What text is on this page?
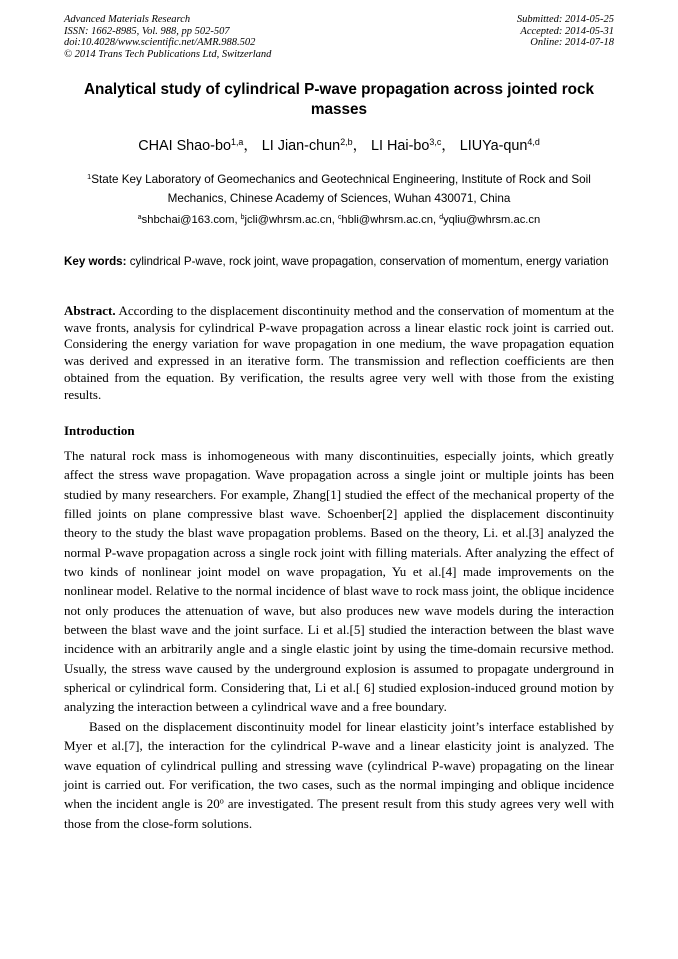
Advanced Materials Research
ISSN: 1662-8985, Vol. 988, pp 502-507
doi:10.4028/www.scientific.net/AMR.988.502
© 2014 Trans Tech Publications Ltd, Switzerland
Submitted: 2014-05-25
Accepted: 2014-05-31
Online: 2014-07-18
Analytical study of cylindrical P-wave propagation across jointed rock masses
CHAI Shao-bo$^{1,a}$， LI Jian-chun$^{2,b}$， LI Hai-bo$^{3,c}$， LIUYa-qun$^{4,d}$
$^1$State Key Laboratory of Geomechanics and Geotechnical Engineering, Institute of Rock and Soil Mechanics, Chinese Academy of Sciences, Wuhan 430071, China
$^a$shbchai@163.com, $^b$jcli@whrsm.ac.cn, $^c$hbli@whrsm.ac.cn, $^d$yqliu@whrsm.ac.cn
Key words: cylindrical P-wave, rock joint, wave propagation, conservation of momentum, energy variation
Abstract. According to the displacement discontinuity method and the conservation of momentum at the wave fronts, analysis for cylindrical P-wave propagation across a linear elastic rock joint is carried out. Considering the energy variation for wave propagation in one medium, the wave propagation equation was derived and expressed in an iterative form. The transmission and reflection coefficients are then obtained from the equation. By verification, the results agree very well with those from the existing results.
Introduction

The natural rock mass is inhomogeneous with many discontinuities, especially joints, which greatly affect the stress wave propagation. Wave propagation across a single joint or multiple joints has been studied by many researchers. For example, Zhang[1] studied the effect of the mechanical property of the filled joints on plane compressive blast wave. Schoenber[2] applied the displacement discontinuity theory to the study the blast wave propagation problems. Based on the theory, Li. et al.[3] analyzed the normal P-wave propagation across a single rock joint with filling materials. After analyzing the effect of two kinds of nonlinear joint model on wave propagation, Yu et al.[4] made improvements on the nonlinear model. Relative to the normal incidence of blast wave to rock mass joint, the oblique incidence not only produces the attenuation of wave, but also produces new wave models during the interaction between the blast wave and the joint surface. Li et al.[5] studied the interaction between the blast wave incidence with an arbitrarily angle and a single elastic joint by using the time-domain recursive method. Usually, the stress wave caused by the underground explosion is assumed to propagate underground in spherical or cylindrical form. Considering that, Li et al.[ 6] studied explosion-induced ground motion by analyzing the interaction between a cylindrical wave and a free boundary.

Based on the displacement discontinuity model for linear elasticity joint’s interface established by Myer et al.[7], the interaction for the cylindrical P-wave and a linear elasticity joint is analyzed. The wave equation of cylindrical pulling and stressing wave (cylindrical P-wave) propagating on the linear joint is carried out. For verification, the two cases, such as the normal impinging and oblique incidence when the incident angle is 20$^o$ are investigated. The present result from this study agrees very well with those from the close-form solutions.
